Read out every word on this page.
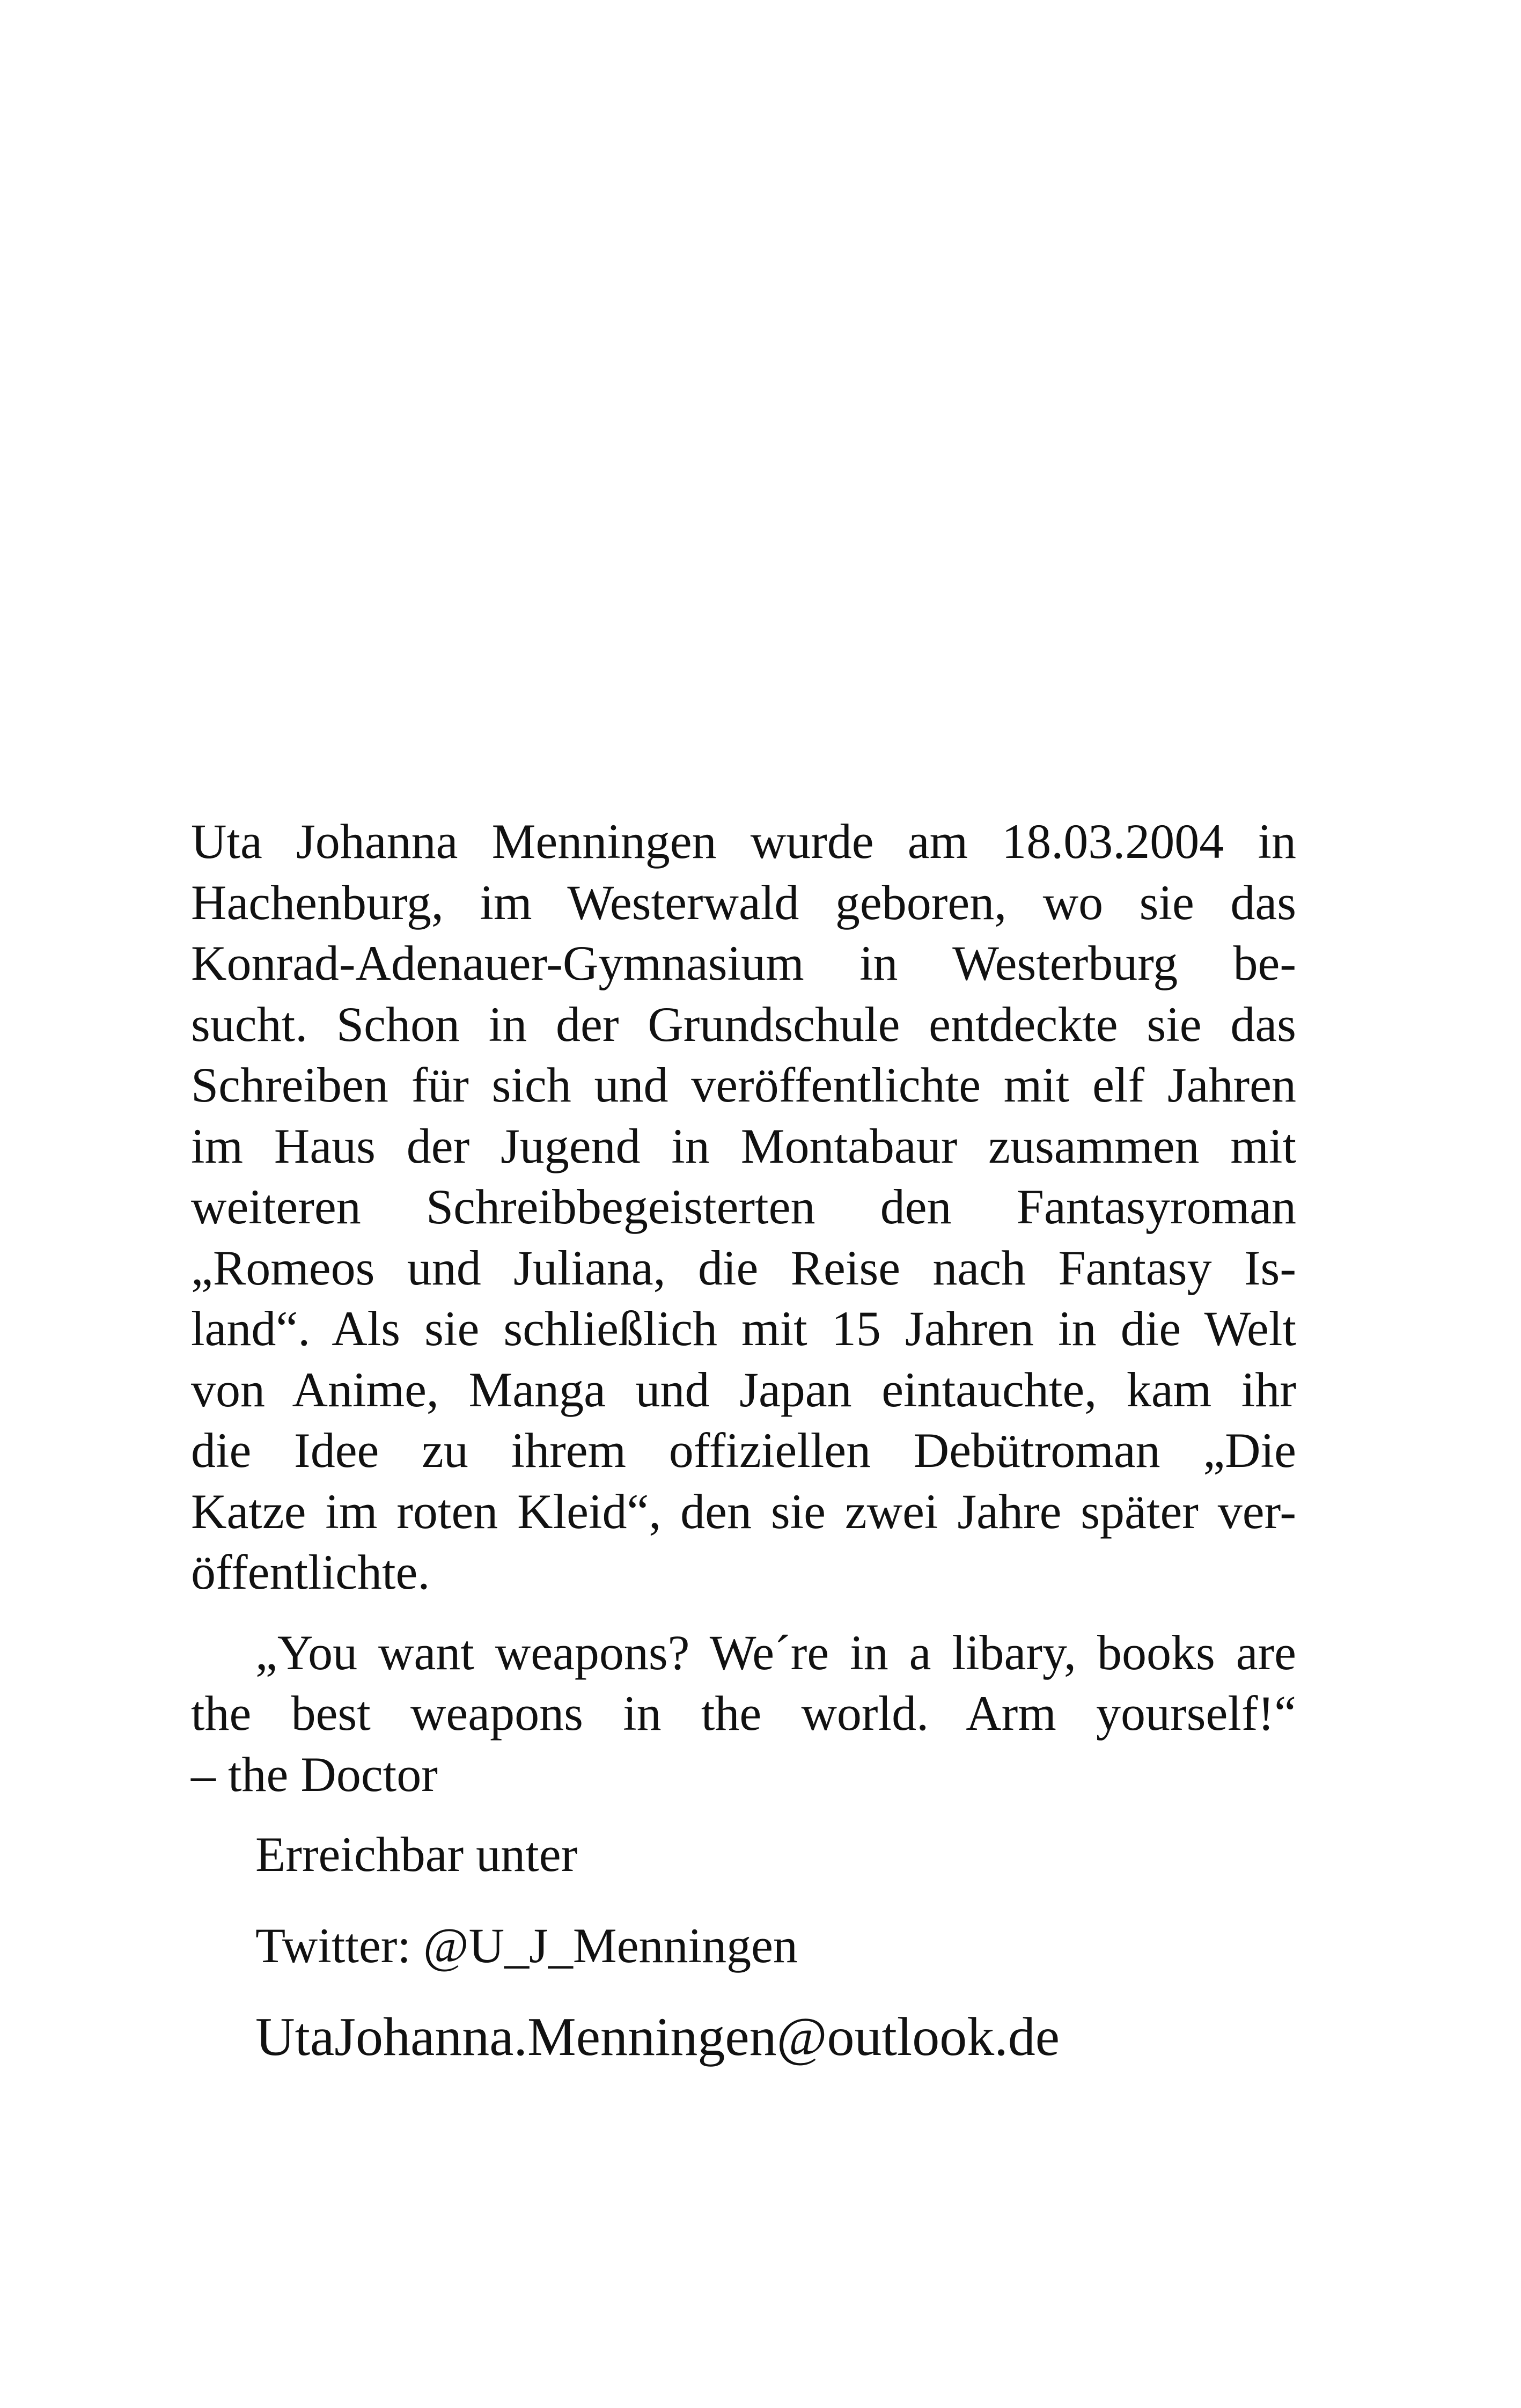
Uta Johanna Menningen wurde am 18.03.2004 in
Hachenburg, im Westerwald geboren, wo sie das
Konrad-Adenauer-Gymnasium in Westerburg be-
sucht. Schon in der Grundschule entdeckte sie das
Schreiben für sich und veröffentlichte mit elf Jahren
im Haus der Jugend in Montabaur zusammen mit
weiteren Schreibbegeisterten den Fantasyroman
„Romeos und Juliana, die Reise nach Fantasy Is-
land“. Als sie schließlich mit 15 Jahren in die Welt
von Anime, Manga und Japan eintauchte, kam ihr
die Idee zu ihrem offiziellen Debütroman „Die
Katze im roten Kleid“, den sie zwei Jahre später ver-
öffentlichte.
„You want weapons? We´re in a libary, books are
the best weapons in the world. Arm yourself!“
– the Doctor
Erreichbar unter
Twitter: @U_J_Menningen
UtaJohanna.Menningen@outlook.de
